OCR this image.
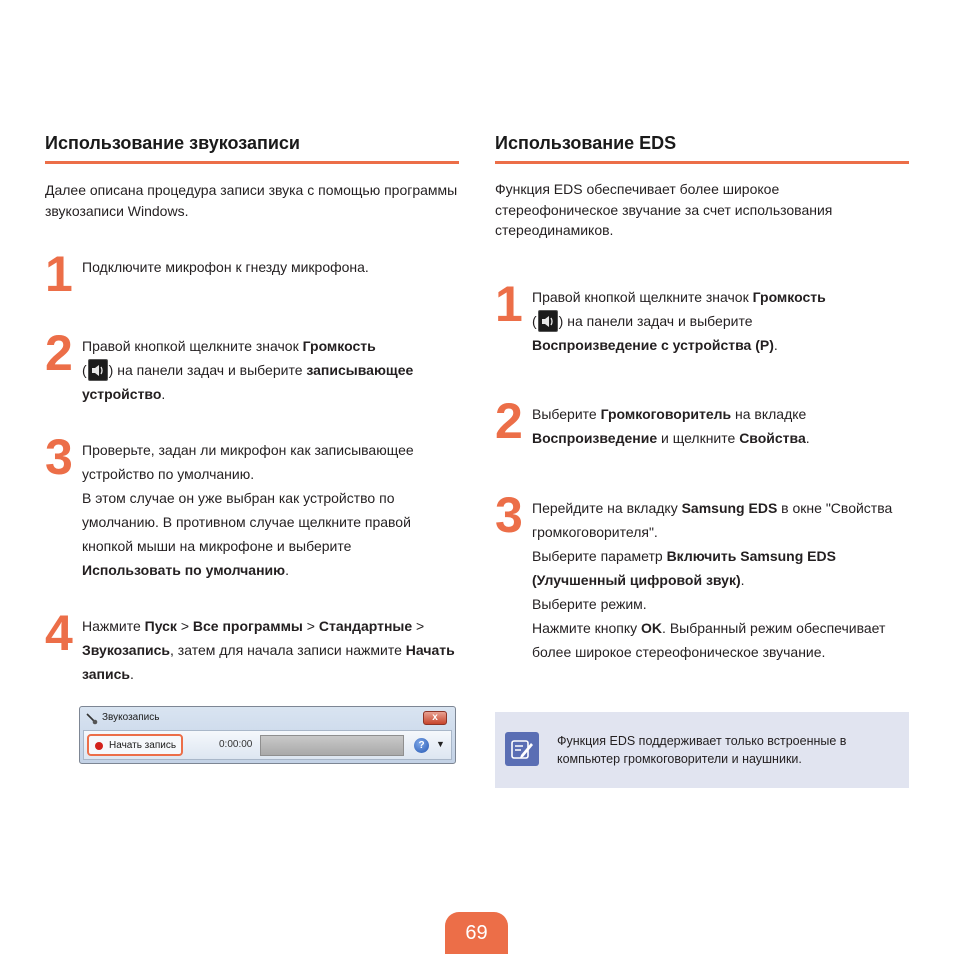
Использование звукозаписи
Далее описана процедура записи звука с помощью программы звукозаписи Windows.
1 Подключите микрофон к гнезду микрофона.
2 Правой кнопкой щелкните значок Громкость
( ) на панели задач и выберите записывающее устройство.
3 Проверьте, задан ли микрофон как записывающее устройство по умолчанию.
В этом случае он уже выбран как устройство по умолчанию. В противном случае щелкните правой кнопкой мыши на микрофоне и выберите Использовать по умолчанию.
4 Нажмите Пуск > Все программы > Стандартные > Звукозапись, затем для начала записи нажмите Начать запись.
Звукозапись	x
Начать запись	0:00:00	?	▼
Использование EDS
Функция EDS обеспечивает более широкое стереофоническое звучание за счет использования стереодинамиков.
1 Правой кнопкой щелкните значок Громкость
( ) на панели задач и выберите
Воспроизведение с устройства (P).
2 Выберите Громкоговоритель на вкладке
Воспроизведение и щелкните Свойства.
3 Перейдите на вкладку Samsung EDS в окне "Свойства громкоговорителя".
Выберите параметр Включить Samsung EDS (Улучшенный цифровой звук).
Выберите режим.
Нажмите кнопку OK. Выбранный режим обеспечивает более широкое стереофоническое звучание.
Функция EDS поддерживает только встроенные в компьютер громкоговорители и наушники.
69
